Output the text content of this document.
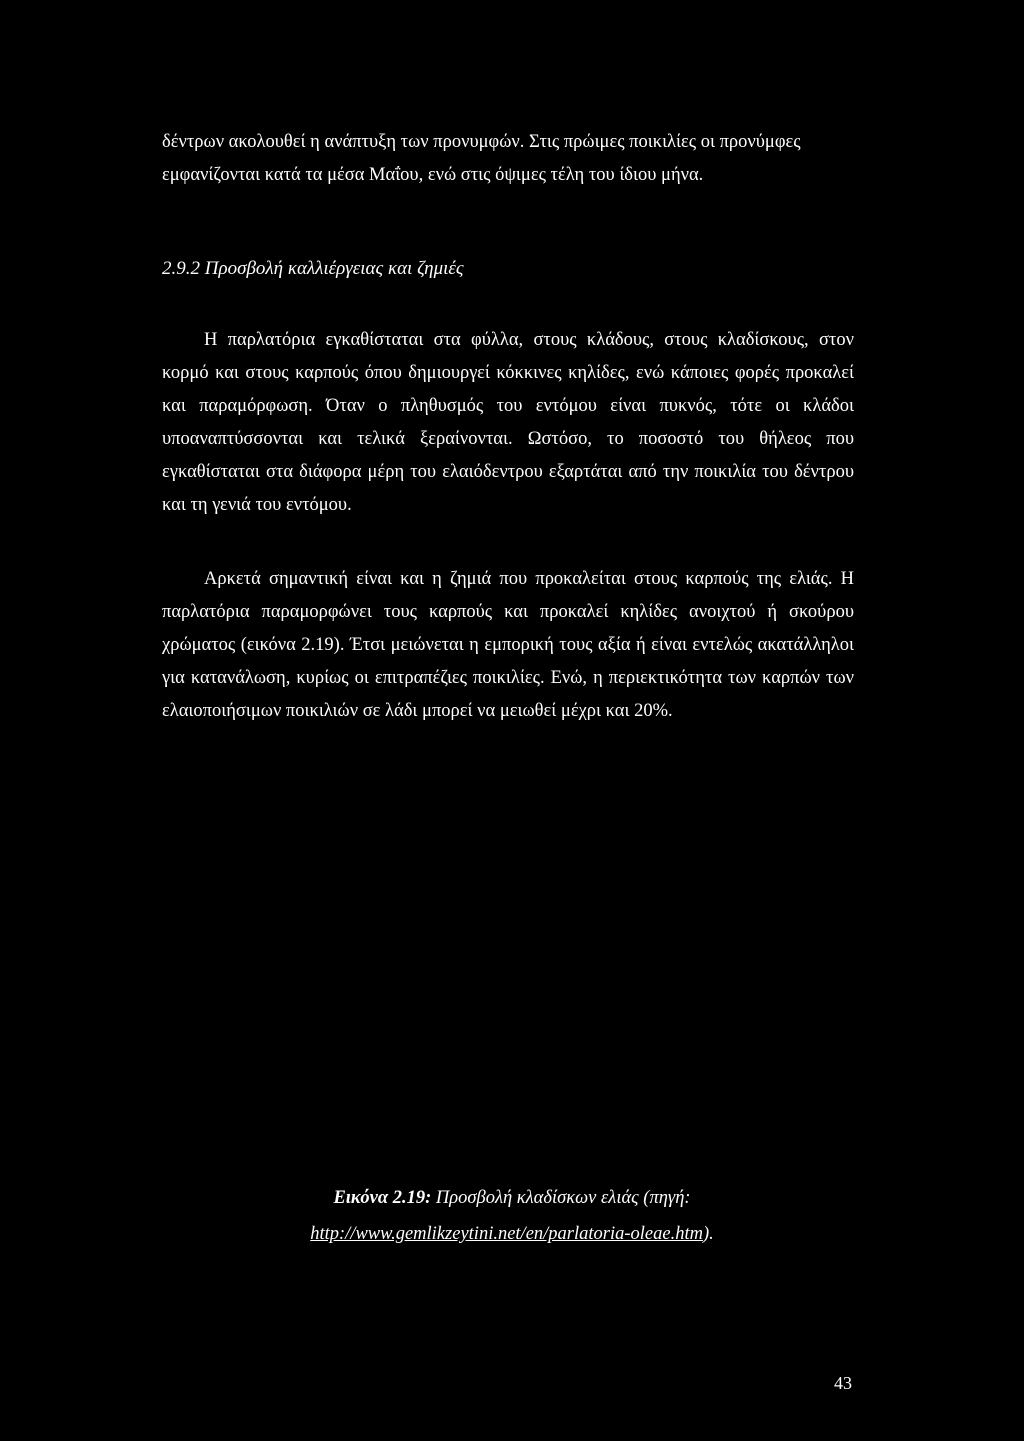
δέντρων ακολουθεί η ανάπτυξη των προνυμφών. Στις πρώιμες ποικιλίες οι προνύμφες εμφανίζονται κατά τα μέσα Μαΐου, ενώ στις όψιμες τέλη του ίδιου μήνα.

2.9.2 Προσβολή καλλιέργειας και ζημιές

Η παρλατόρια εγκαθίσταται στα φύλλα, στους κλάδους, στους κλαδίσκους, στον κορμό και στους καρπούς όπου δημιουργεί κόκκινες κηλίδες, ενώ κάποιες φορές προκαλεί και παραμόρφωση. Όταν ο πληθυσμός του εντόμου είναι πυκνός, τότε οι κλάδοι υποαναπτύσσονται και τελικά ξεραίνονται. Ωστόσο, το ποσοστό του θήλεος που εγκαθίσταται στα διάφορα μέρη του ελαιόδεντρου εξαρτάται από την ποικιλία του δέντρου και τη γενιά του εντόμου.

Αρκετά σημαντική είναι και η ζημιά που προκαλείται στους καρπούς της ελιάς. Η παρλατόρια παραμορφώνει τους καρπούς και προκαλεί κηλίδες ανοιχτού ή σκούρου χρώματος (εικόνα 2.19). Έτσι μειώνεται η εμπορική τους αξία ή είναι εντελώς ακατάλληλοι για κατανάλωση, κυρίως οι επιτραπέζιες ποικιλίες. Ενώ, η περιεκτικότητα των καρπών των ελαιοποιήσιμων ποικιλιών σε λάδι μπορεί να μειωθεί μέχρι και 20%.

Εικόνα 2.19: Προσβολή κλαδίσκων ελιάς (πηγή:
http://www.gemlikzeytini.net/en/parlatoria-oleae.htm).
43
